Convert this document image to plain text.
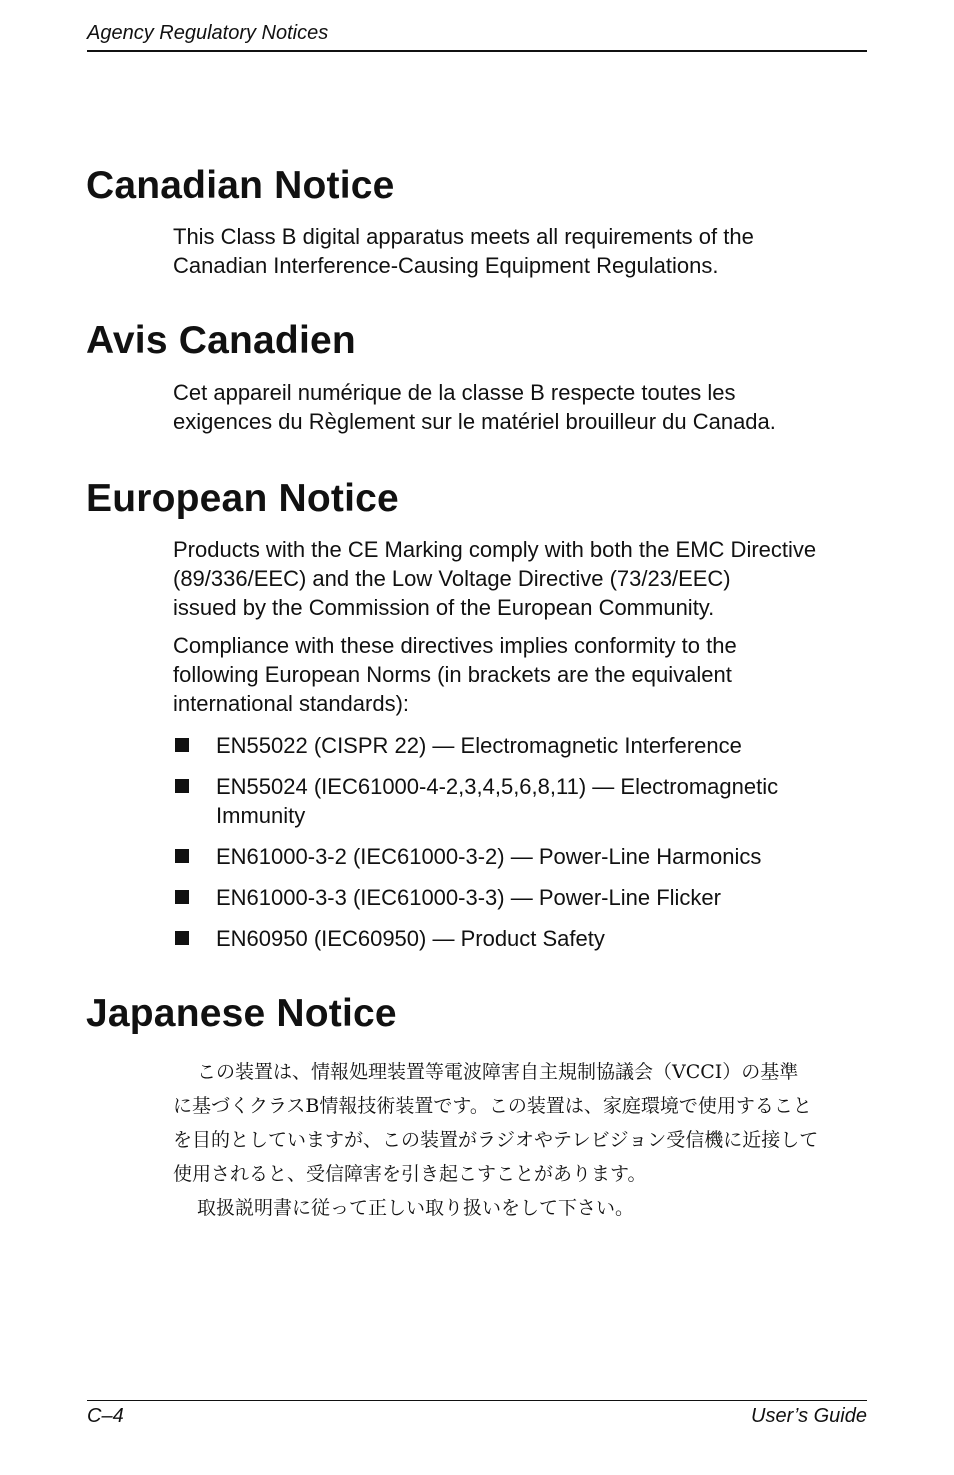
Agency Regulatory Notices
Canadian Notice
This Class B digital apparatus meets all requirements of the
Canadian Interference-Causing Equipment Regulations.
Avis Canadien
Cet appareil numérique de la classe B respecte toutes les
exigences du Règlement sur le matériel brouilleur du Canada.
European Notice
Products with the CE Marking comply with both the EMC Directive
(89/336/EEC) and the Low Voltage Directive (73/23/EEC)
issued by the Commission of the European Community.
Compliance with these directives implies conformity to the
following European Norms (in brackets are the equivalent
international standards):
EN55022 (CISPR 22) — Electromagnetic Interference
EN55024 (IEC61000-4-2,3,4,5,6,8,11) — Electromagnetic Immunity
EN61000-3-2 (IEC61000-3-2) — Power-Line Harmonics
EN61000-3-3 (IEC61000-3-3) — Power-Line Flicker
EN60950 (IEC60950) — Product Safety
Japanese Notice
この装置は、情報処理装置等電波障害自主規制協議会（VCCI）の基準
に基づくクラスB情報技術装置です。この装置は、家庭環境で使用すること
を目的としていますが、この装置がラジオやテレビジョン受信機に近接して
使用されると、受信障害を引き起こすことがあります。
取扱説明書に従って正しい取り扱いをして下さい。
C–4	User’s Guide
